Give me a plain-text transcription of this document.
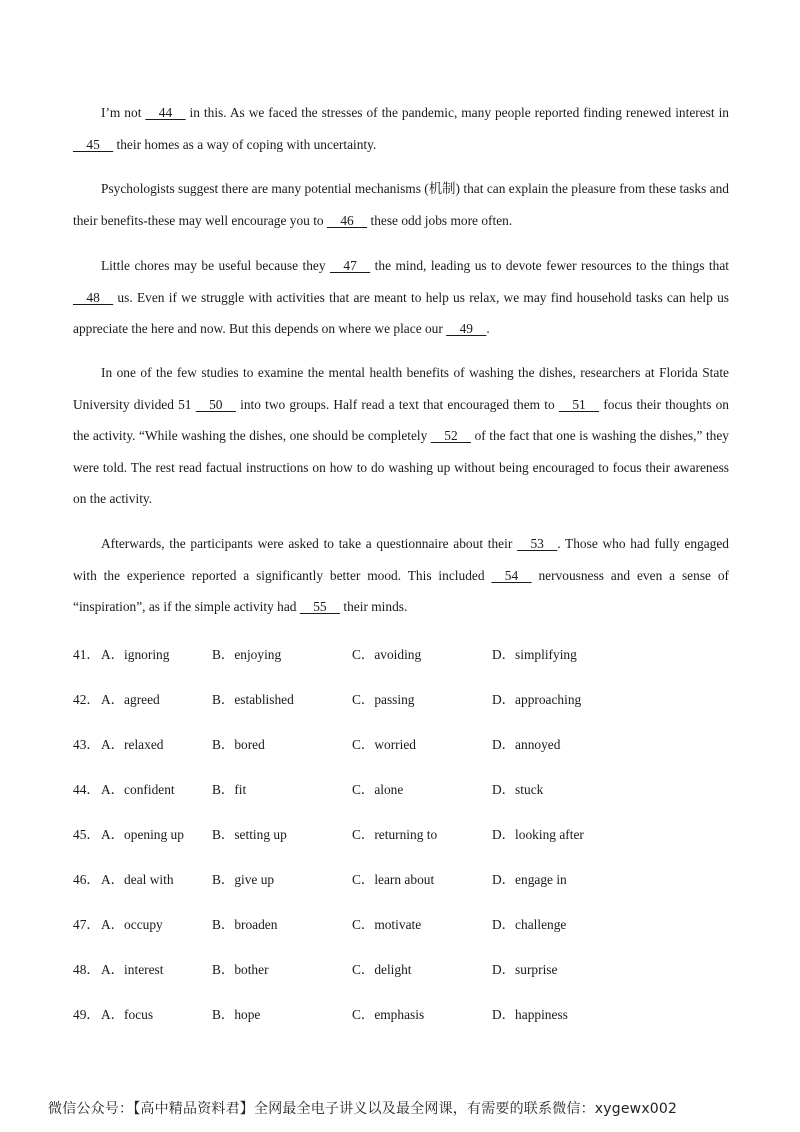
I’m not     44     in this. As we faced the stresses of the pandemic, many people reported finding renewed interest in     45     their homes as a way of coping with uncertainty.
Psychologists suggest there are many potential mechanisms (机制) that can explain the pleasure from these tasks and their benefits-these may well encourage you to     46     these odd jobs more often.
Little chores may be useful because they     47     the mind, leading us to devote fewer resources to the things that     48     us. Even if we struggle with activities that are meant to help us relax, we may find household tasks can help us appreciate the here and now. But this depends on where we place our     49    .
In one of the few studies to examine the mental health benefits of washing the dishes, researchers at Florida State University divided 51     50     into two groups. Half read a text that encouraged them to     51     focus their thoughts on the activity. “While washing the dishes, one should be completely     52     of the fact that one is washing the dishes,” they were told. The rest read factual instructions on how to do washing up without being encouraged to focus their awareness on the activity.
Afterwards, the participants were asked to take a questionnaire about their     53    . Those who had fully engaged with the experience reported a significantly better mood. This included     54     nervousness and even a sense of “inspiration”, as if the simple activity had     55     their minds.
41． A．ignoring	B．enjoying	C．avoiding	D．simplifying
42． A．agreed	B．established	C．passing	D．approaching
43． A．relaxed	B．bored	C．worried	D．annoyed
44． A．confident	B．fit	C．alone	D．stuck
45． A．opening up B．setting up	C．returning to	D．looking after
46． A．deal with	B．give up	C．learn about	D．engage in
47． A．occupy	B．broaden	C．motivate	D．challenge
48． A．interest	B．bother	C．delight	D．surprise
49． A．focus	B．hope	C．emphasis	D．happiness
微信公众号：【高中精品资料君】全网最全电子讲义以及最全网课，有需要的联系微信：xygewx002
